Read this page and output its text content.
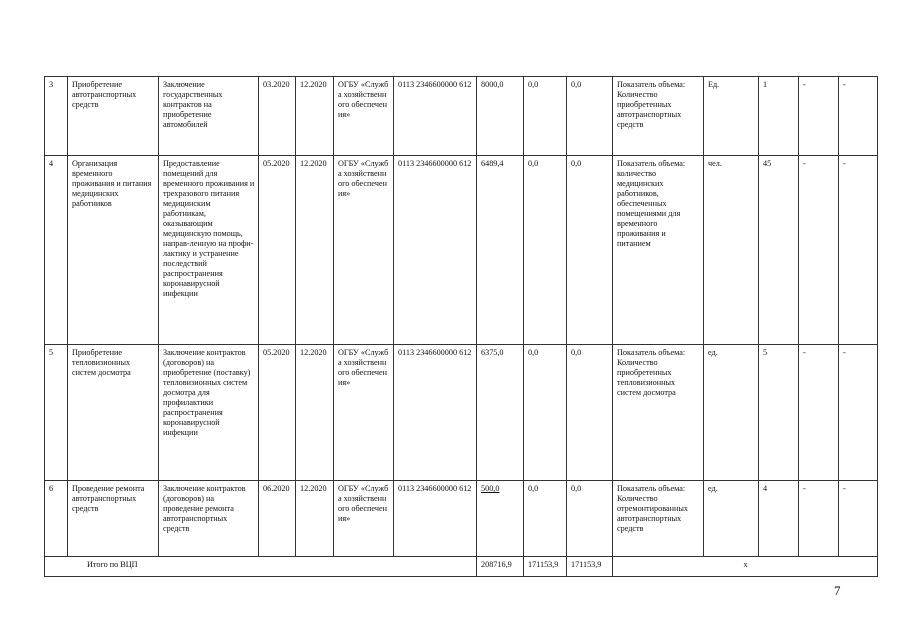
3	Приобретение автотранспортных средств	Заключение государственных контрактов на приобретение автомобилей	03.2020	12.2020	ОГБУ «Служба хозяйственного обеспечения»	0113 2346600000 612	8000,0	0,0	0,0	Показатель объема: Количество приобретенных автотранспортных средств	Ед.	1	-	-
4	Организация временного проживания и питания медицинских работников	Предоставление помещений для временного проживания и трехразового питания медицинским работникам, оказывающим медицинскую помощь, направ-ленную на профи-лактику и устранение последствий распространения коронавирусной инфекции	05.2020	12.2020	ОГБУ «Служба хозяйственного обеспечения»	0113 2346600000 612	6489,4	0,0	0,0	Показатель объема: количество медицинских работников, обеспеченных помещениями для временного проживания и питанием	чел.	45	-	-
5	Приобретение тепловизионных систем досмотра	Заключение контрактов (договоров) на приобретение (поставку) тепловизионных систем досмотра для профилактики распространения коронавирусной инфекции	05.2020	12.2020	ОГБУ «Служба хозяйственного обеспечения»	0113 2346600000 612	6375,0	0,0	0,0	Показатель объема: Количество приобретенных тепловизионных систем досмотра	ед.	5	-	-
6	Проведение ремонта автотранспортных средств	Заключение контрактов (договоров) на проведение ремонта автотранспортных средств	06.2020	12.2020	ОГБУ «Служба хозяйственного обеспечения»	0113 2346600000 612	500,0	0,0	0,0	Показатель объема: Количество отремонтированных автотранспортных средств	ед.	4	-	-
Итого по ВЦП							208716,9	171153,9	171153,9	х				
7
